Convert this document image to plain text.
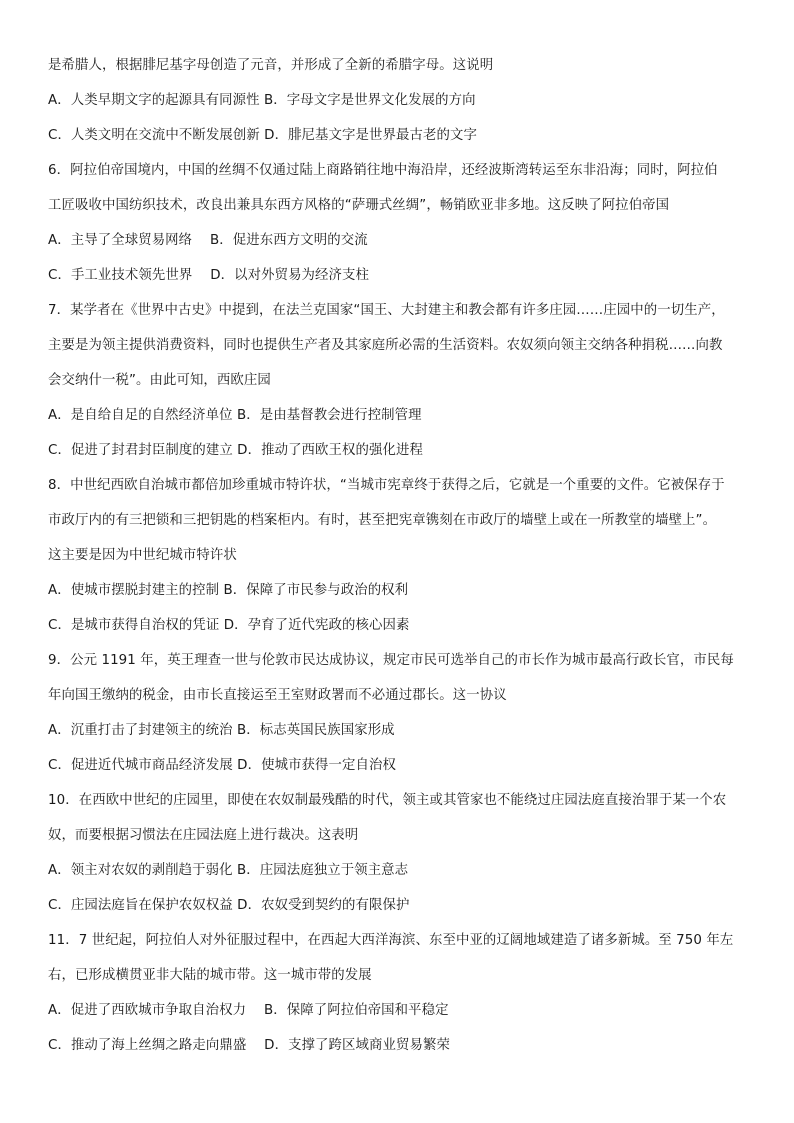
是希腊人，根据腓尼基字母创造了元音，并形成了全新的希腊字母。这说明
A．人类早期文字的起源具有同源性 B．字母文字是世界文化发展的方向
C．人类文明在交流中不断发展创新 D．腓尼基文字是世界最古老的文字
6．阿拉伯帝国境内，中国的丝绸不仅通过陆上商路销往地中海沿岸，还经波斯湾转运至东非沿海；同时，阿拉伯
工匠吸收中国纺织技术，改良出兼具东西方风格的“萨珊式丝绸”，畅销欧亚非多地。这反映了阿拉伯帝国
A．主导了全球贸易网络　 B．促进东西方文明的交流
C．手工业技术领先世界　 D．以对外贸易为经济支柱
7．某学者在《世界中古史》中提到，在法兰克国家“国王、大封建主和教会都有许多庄园……庄园中的一切生产，
主要是为领主提供消费资料，同时也提供生产者及其家庭所必需的生活资料。农奴须向领主交纳各种捐税……向教
会交纳什一税”。由此可知，西欧庄园
A．是自给自足的自然经济单位 B．是由基督教会进行控制管理
C．促进了封君封臣制度的建立 D．推动了西欧王权的强化进程
8．中世纪西欧自治城市都倍加珍重城市特许状，“当城市宪章终于获得之后，它就是一个重要的文件。它被保存于
市政厅内的有三把锁和三把钥匙的档案柜内。有时，甚至把宪章镌刻在市政厅的墙壁上或在一所教堂的墙壁上”。
这主要是因为中世纪城市特许状
A．使城市摆脱封建主的控制 B．保障了市民参与政治的权利
C．是城市获得自治权的凭证 D．孕育了近代宪政的核心因素
9．公元 1191 年，英王理查一世与伦敦市民达成协议，规定市民可选举自己的市长作为城市最高行政长官，市民每
年向国王缴纳的税金，由市长直接运至王室财政署而不必通过郡长。这一协议
A．沉重打击了封建领主的统治 B．标志英国民族国家形成
C．促进近代城市商品经济发展 D．使城市获得一定自治权
10．在西欧中世纪的庄园里，即使在农奴制最残酷的时代，领主或其管家也不能绕过庄园法庭直接治罪于某一个农
奴，而要根据习惯法在庄园法庭上进行裁决。这表明
A．领主对农奴的剥削趋于弱化 B．庄园法庭独立于领主意志
C．庄园法庭旨在保护农奴权益 D．农奴受到契约的有限保护
11．7 世纪起，阿拉伯人对外征服过程中，在西起大西洋海滨、东至中亚的辽阔地域建造了诸多新城。至 750 年左
右，已形成横贯亚非大陆的城市带。这一城市带的发展
A．促进了西欧城市争取自治权力　 B．保障了阿拉伯帝国和平稳定
C．推动了海上丝绸之路走向鼎盛　 D．支撑了跨区域商业贸易繁荣
